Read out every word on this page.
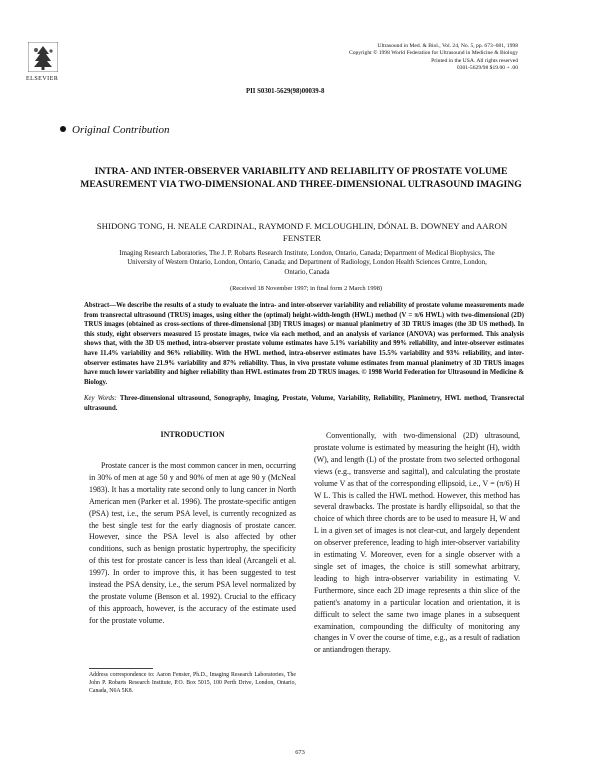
ELSEVIER
Ultrasound in Med. & Biol., Vol. 24, No. 5, pp. 673–681, 1998
Copyright © 1998 World Federation for Ultrasound in Medicine & Biology
Printed in the USA. All rights reserved
0301-5629/98 $19.00 + .00
PII S0301-5629(98)00039-8
Original Contribution
INTRA- AND INTER-OBSERVER VARIABILITY AND RELIABILITY OF PROSTATE VOLUME MEASUREMENT VIA TWO-DIMENSIONAL AND THREE-DIMENSIONAL ULTRASOUND IMAGING
SHIDONG TONG, H. NEALE CARDINAL, RAYMOND F. MCLOUGHLIN, DÓNAL B. DOWNEY and AARON FENSTER
Imaging Research Laboratories, The J. P. Robarts Research Institute, London, Ontario, Canada; Department of Medical Biophysics, The University of Western Ontario, London, Ontario, Canada; and Department of Radiology, London Health Sciences Centre, London, Ontario, Canada
(Received 18 November 1997; in final form 2 March 1998)
Abstract—We describe the results of a study to evaluate the intra- and inter-observer variability and reliability of prostate volume measurements made from transrectal ultrasound (TRUS) images, using either the (optimal) height-width-length (HWL) method (V = π/6 HWL) with two-dimensional (2D) TRUS images (obtained as cross-sections of three-dimensional [3D] TRUS images) or manual planimetry of 3D TRUS images (the 3D US method). In this study, eight observers measured 15 prostate images, twice via each method, and an analysis of variance (ANOVA) was performed. This analysis shows that, with the 3D US method, intra-observer prostate volume estimates have 5.1% variability and 99% reliability, and inter-observer estimates have 11.4% variability and 96% reliability. With the HWL method, intra-observer estimates have 15.5% variability and 93% reliability, and inter-observer estimates have 21.9% variability and 87% reliability. Thus, in vivo prostate volume estimates from manual planimetry of 3D TRUS images have much lower variability and higher reliability than HWL estimates from 2D TRUS images. © 1998 World Federation for Ultrasound in Medicine & Biology.
Key Words: Three-dimensional ultrasound, Sonography, Imaging, Prostate, Volume, Variability, Reliability, Planimetry, HWL method, Transrectal ultrasound.
INTRODUCTION

Prostate cancer is the most common cancer in men, occurring in 30% of men at age 50 y and 90% of men at age 90 y (McNeal 1983). It has a mortality rate second only to lung cancer in North American men (Parker et al. 1996). The prostate-specific antigen (PSA) test, i.e., the serum PSA level, is currently recognized as the best single test for the early diagnosis of prostate cancer. However, since the PSA level is also affected by other conditions, such as benign prostatic hypertrophy, the specificity of this test for prostate cancer is less than ideal (Arcangeli et al. 1997). In order to improve this, it has been suggested to test instead the PSA density, i.e., the serum PSA level normalized by the prostate volume (Benson et al. 1992). Crucial to the efficacy of this approach, however, is the accuracy of the estimate used for the prostate volume.

Conventionally, with two-dimensional (2D) ultrasound, prostate volume is estimated by measuring the height (H), width (W), and length (L) of the prostate from two selected orthogonal views (e.g., transverse and sagittal), and calculating the prostate volume V as that of the corresponding ellipsoid, i.e., V = (π/6) H W L. This is called the HWL method. However, this method has several drawbacks. The prostate is hardly ellipsoidal, so that the choice of which three chords are to be used to measure H, W and L in a given set of images is not clear-cut, and largely dependent on observer preference, leading to high inter-observer variability in estimating V. Moreover, even for a single observer with a single set of images, the choice is still somewhat arbitrary, leading to high intra-observer variability in estimating V. Furthermore, since each 2D image represents a thin slice of the patient's anatomy in a particular location and orientation, it is difficult to select the same two image planes in a subsequent examination, compounding the difficulty of monitoring any changes in V over the course of time, e.g., as a result of radiation or antiandrogen therapy.

Address correspondence to: Aaron Fenster, Ph.D., Imaging Research Laboratories, The John P. Robarts Research Institute, P.O. Box 5015, 100 Perth Drive, London, Ontario, Canada, N6A 5K8.
673
